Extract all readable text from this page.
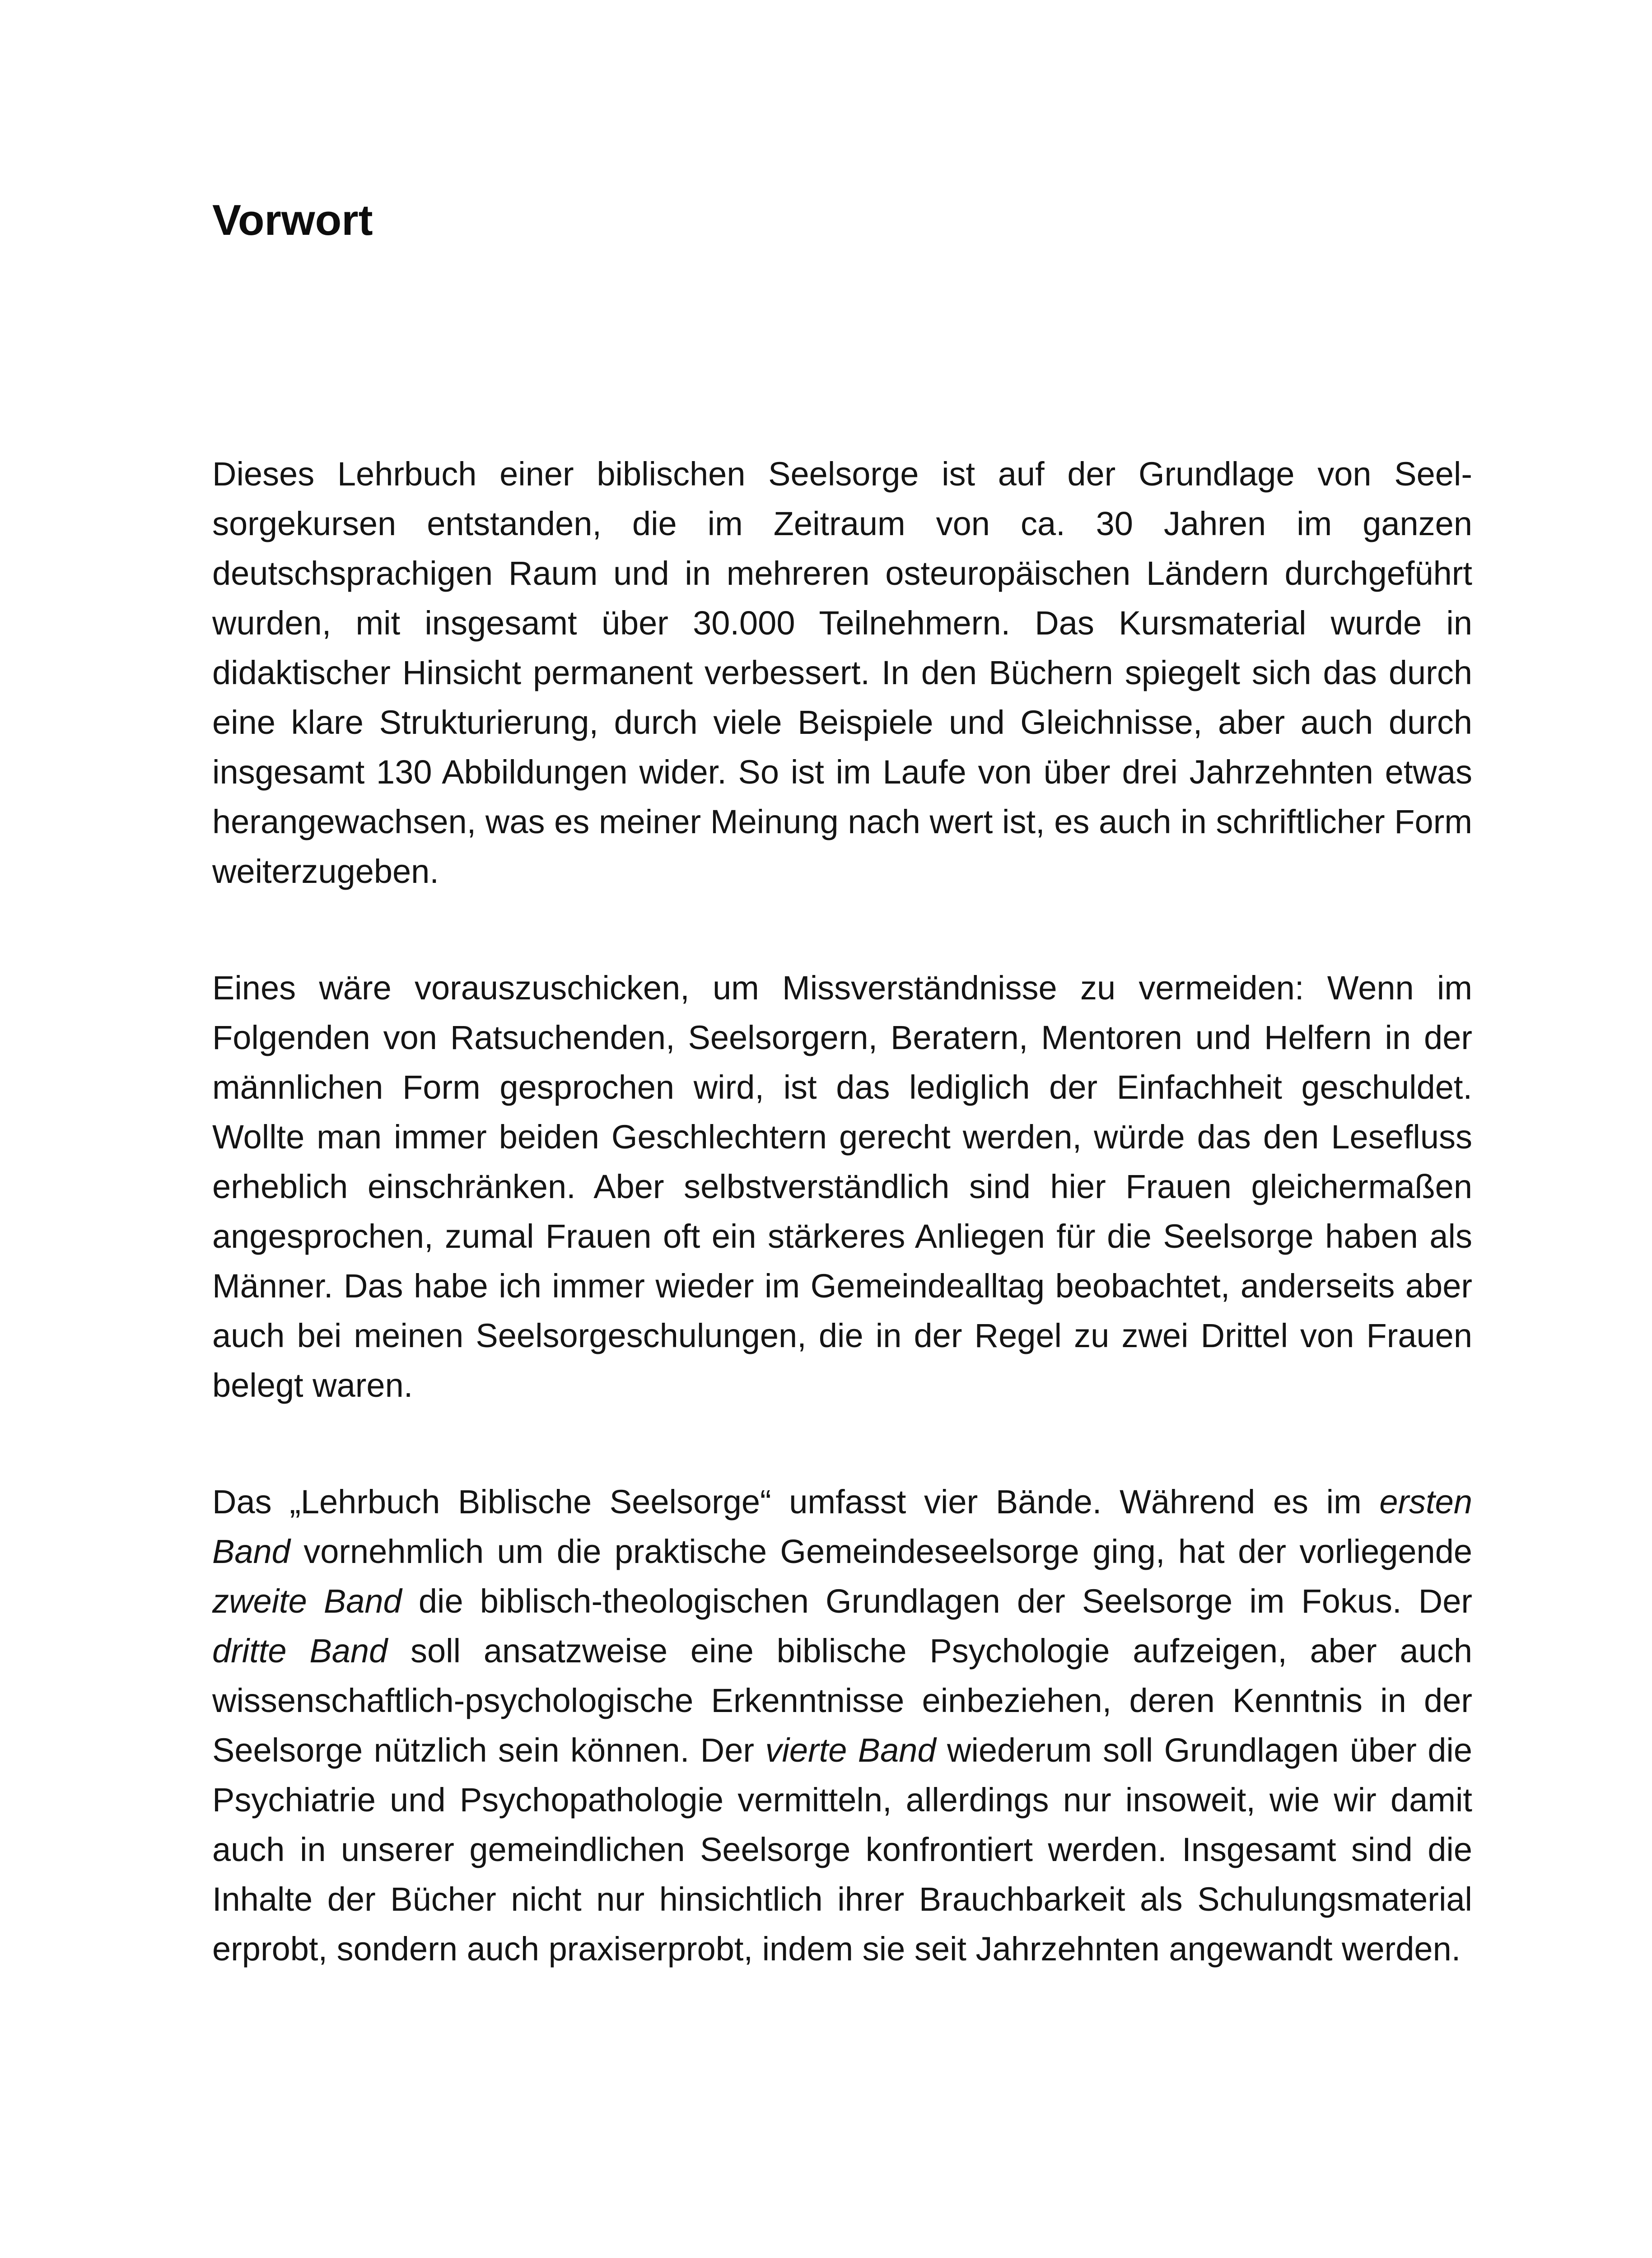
Vorwort

Dieses Lehrbuch einer biblischen Seelsorge ist auf der Grundlage von Seelsorgekursen entstanden, die im Zeitraum von ca. 30 Jahren im ganzen deutschsprachigen Raum und in mehreren osteuropäischen Ländern durchgeführt wurden, mit insgesamt über 30.000 Teilnehmern. Das Kursmaterial wurde in didaktischer Hinsicht permanent verbessert. In den Büchern spiegelt sich das durch eine klare Strukturierung, durch viele Beispiele und Gleichnisse, aber auch durch insgesamt 130 Abbildungen wider. So ist im Laufe von über drei Jahrzehnten etwas herangewachsen, was es meiner Meinung nach wert ist, es auch in schriftlicher Form weiterzugeben.

Eines wäre vorauszuschicken, um Missverständnisse zu vermeiden: Wenn im Folgenden von Ratsuchenden, Seelsorgern, Beratern, Mentoren und Helfern in der männlichen Form gesprochen wird, ist das lediglich der Einfachheit geschuldet. Wollte man immer beiden Geschlechtern gerecht werden, würde das den Lesefluss erheblich einschränken. Aber selbstverständlich sind hier Frauen gleichermaßen angesprochen, zumal Frauen oft ein stärkeres Anliegen für die Seelsorge haben als Männer. Das habe ich immer wieder im Gemeindealltag beobachtet, anderseits aber auch bei meinen Seelsorgeschulungen, die in der Regel zu zwei Drittel von Frauen belegt waren.

Das „Lehrbuch Biblische Seelsorge“ umfasst vier Bände. Während es im ersten Band vornehmlich um die praktische Gemeindeseelsorge ging, hat der vorliegende zweite Band die biblisch-theologischen Grundlagen der Seelsorge im Fokus. Der dritte Band soll ansatzweise eine biblische Psychologie aufzeigen, aber auch wissenschaftlich-psychologische Erkenntnisse einbeziehen, deren Kenntnis in der Seelsorge nützlich sein können. Der vierte Band wiederum soll Grundlagen über die Psychiatrie und Psychopathologie vermitteln, allerdings nur insoweit, wie wir damit auch in unserer gemeindlichen Seelsorge konfrontiert werden. Insgesamt sind die Inhalte der Bücher nicht nur hinsichtlich ihrer Brauchbarkeit als Schulungsmaterial erprobt, sondern auch praxiserprobt, indem sie seit Jahrzehnten angewandt werden.
